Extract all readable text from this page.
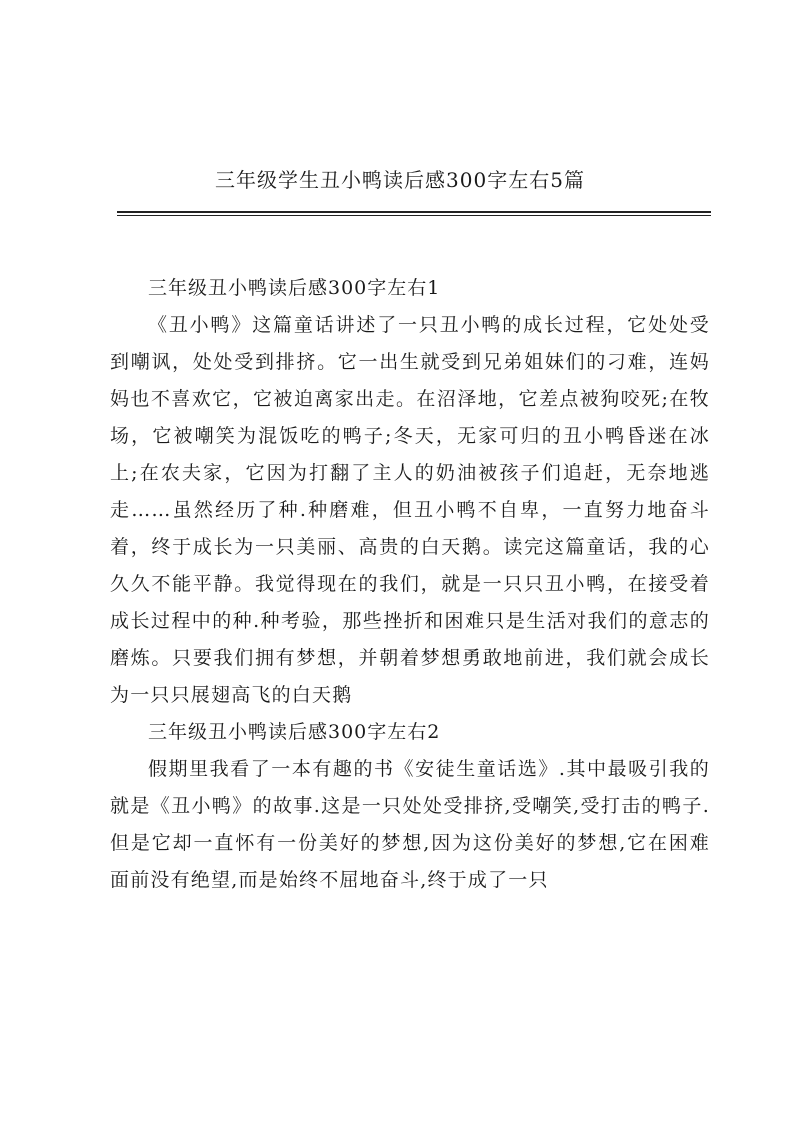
三年级学生丑小鸭读后感300字左右5篇
三年级丑小鸭读后感300字左右1

《丑小鸭》这篇童话讲述了一只丑小鸭的成长过程，它处处受到嘲讽，处处受到排挤。它一出生就受到兄弟姐妹们的刁难，连妈妈也不喜欢它，它被迫离家出走。在沼泽地，它差点被狗咬死;在牧场，它被嘲笑为混饭吃的鸭子;冬天，无家可归的丑小鸭昏迷在冰上;在农夫家，它因为打翻了主人的奶油被孩子们追赶，无奈地逃走……虽然经历了种.种磨难，但丑小鸭不自卑，一直努力地奋斗着，终于成长为一只美丽、高贵的白天鹅。读完这篇童话，我的心久久不能平静。我觉得现在的我们，就是一只只丑小鸭，在接受着成长过程中的种.种考验，那些挫折和困难只是生活对我们的意志的磨炼。只要我们拥有梦想，并朝着梦想勇敢地前进，我们就会成长为一只只展翅高飞的白天鹅

三年级丑小鸭读后感300字左右2

假期里我看了一本有趣的书《安徒生童话选》.其中最吸引我的就是《丑小鸭》的故事.这是一只处处受排挤,受嘲笑,受打击的鸭子.但是它却一直怀有一份美好的梦想,因为这份美好的梦想,它在困难面前没有绝望,而是始终不屈地奋斗,终于成了一只
